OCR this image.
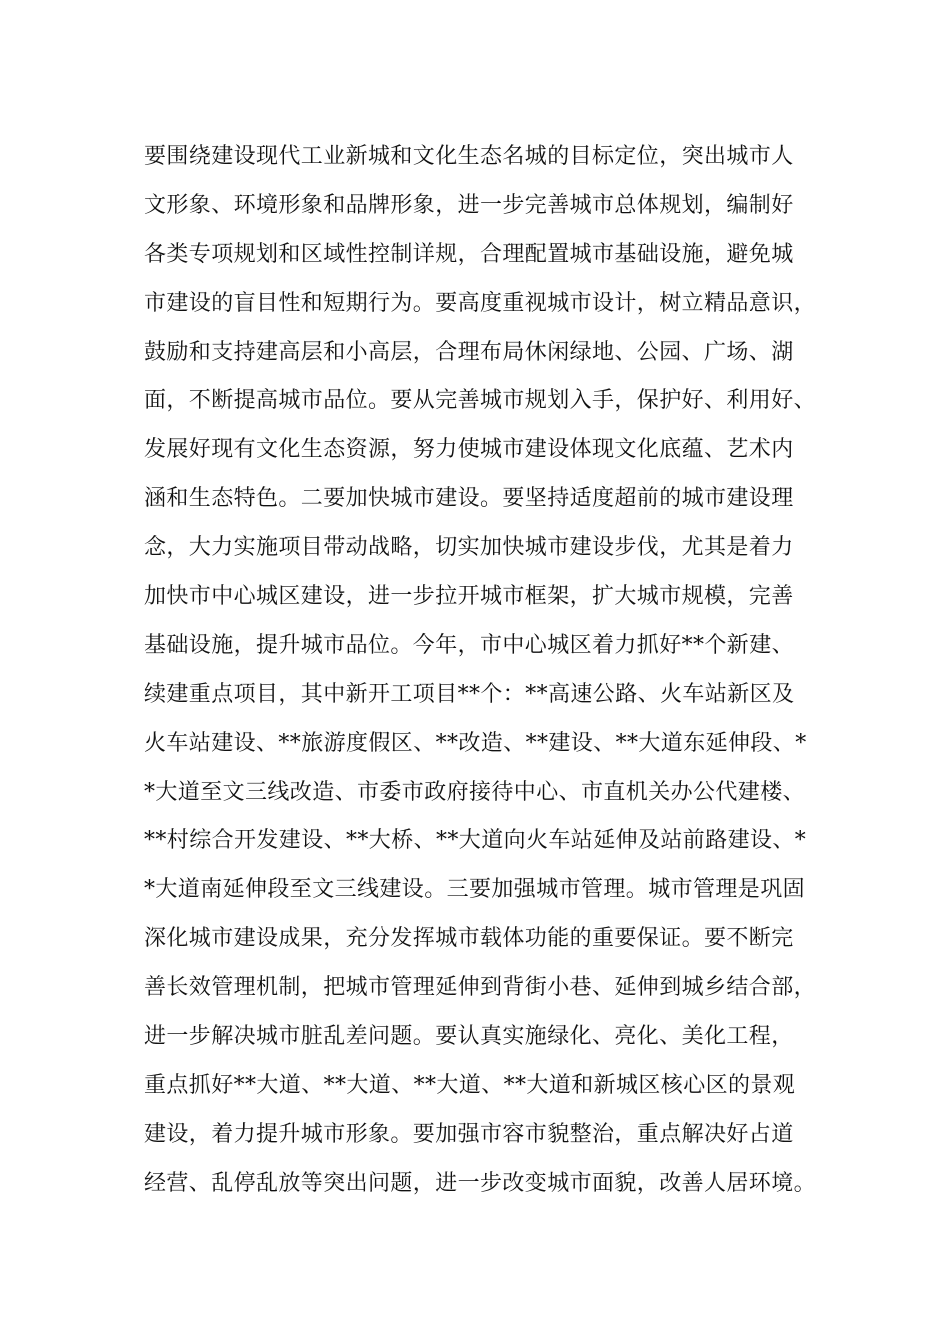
要围绕建设现代工业新城和文化生态名城的目标定位，突出城市人
文形象、环境形象和品牌形象，进一步完善城市总体规划，编制好
各类专项规划和区域性控制详规，合理配置城市基础设施，避免城
市建设的盲目性和短期行为。要高度重视城市设计，树立精品意识，
鼓励和支持建高层和小高层，合理布局休闲绿地、公园、广场、湖
面，不断提高城市品位。要从完善城市规划入手，保护好、利用好、
发展好现有文化生态资源，努力使城市建设体现文化底蕴、艺术内
涵和生态特色。二要加快城市建设。要坚持适度超前的城市建设理
念，大力实施项目带动战略，切实加快城市建设步伐，尤其是着力
加快市中心城区建设，进一步拉开城市框架，扩大城市规模，完善
基础设施，提升城市品位。今年，市中心城区着力抓好**个新建、
续建重点项目，其中新开工项目**个：**高速公路、火车站新区及
火车站建设、**旅游度假区、**改造、**建设、**大道东延伸段、*
*大道至文三线改造、市委市政府接待中心、市直机关办公代建楼、
**村综合开发建设、**大桥、**大道向火车站延伸及站前路建设、*
*大道南延伸段至文三线建设。三要加强城市管理。城市管理是巩固
深化城市建设成果，充分发挥城市载体功能的重要保证。要不断完
善长效管理机制，把城市管理延伸到背街小巷、延伸到城乡结合部，
进一步解决城市脏乱差问题。要认真实施绿化、亮化、美化工程，
重点抓好**大道、**大道、**大道、**大道和新城区核心区的景观
建设，着力提升城市形象。要加强市容市貌整治，重点解决好占道
经营、乱停乱放等突出问题，进一步改变城市面貌，改善人居环境。
